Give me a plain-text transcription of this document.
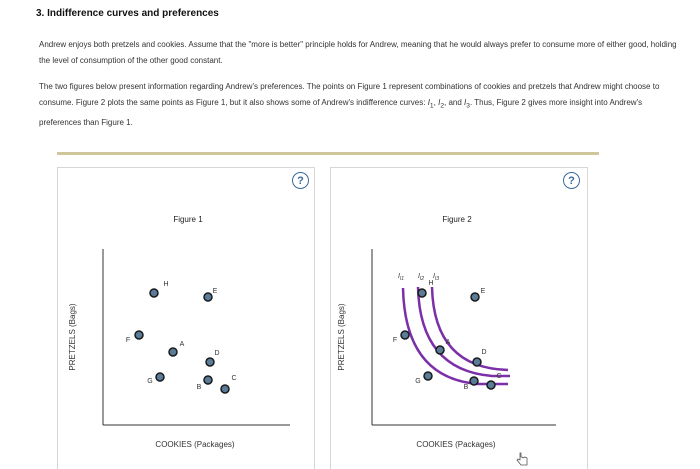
3. Indifference curves and preferences
Andrew enjoys both pretzels and cookies. Assume that the "more is better" principle holds for Andrew, meaning that he would always prefer to consume more of either good, holding the level of consumption of the other good constant.
The two figures below present information regarding Andrew's preferences. The points on Figure 1 represent combinations of cookies and pretzels that Andrew might choose to consume. Figure 2 plots the same points as Figure 1, but it also shows some of Andrew's indifference curves: $I_1$, $I_2$, and $I_3$. Thus, Figure 2 gives more insight into Andrew's preferences than Figure 1.
?	?
Figure 1
PRETZELS (Bags)
COOKIES (Packages)
H
E
F
A
D
G
B
C
Figure 2
PRETZELS (Bags)
COOKIES (Packages)
$I_{I1}$ $I_{I2}$ $I_{I3}$
H
E
F	A
D
G
B
C
